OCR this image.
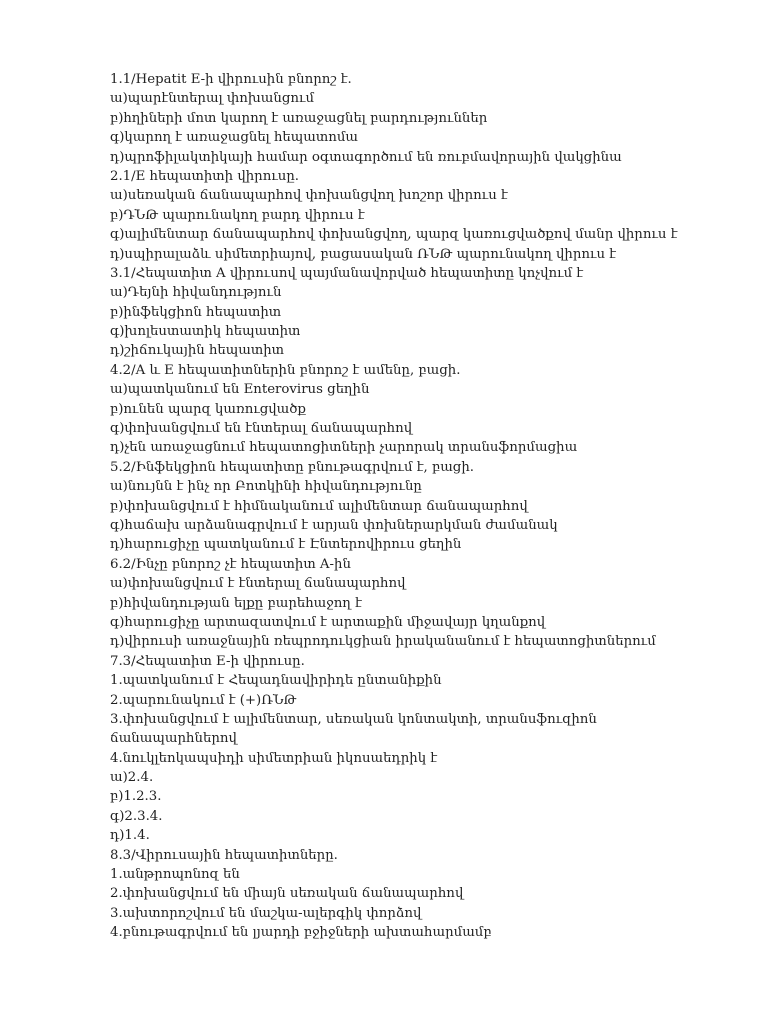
1.1/Hepatit E-ի վիրուսին բնորոշ է.
ա)պարէնտերալ փոխանցում
բ)հղիների մոտ կարող է առաջացնել բարդություններ
գ)կարող է առաջացնել հեպատոմա
դ)պրոֆիլակտիկայի համար օգտագործում են ռուբմավորային վակցինա
2.1/E հեպատիտի վիրուսը.
ա)սեռական ճանապարհով փոխանցվող խոշոր վիրուս է
բ)ԴՆԹ պարունակող բարդ վիրուս է
գ)ալիմենտար ճանապարհով փոխանցվող, պարզ կառուցվածքով մանր վիրուս է
դ)սպիրալաձև սիմետրիայով, բացասական ՌՆԹ պարունակող վիրուս է
3.1/Հեպատիտ A վիրուսով պայմանավորված հեպատիտը կոչվում է
ա)Դեյնի հիվանդություն
բ)ինֆեկցիոն հեպատիտ
գ)խոլեստատիկ հեպատիտ
դ)շիճուկային հեպատիտ
4.2/A և E հեպատիտներին բնորոշ է ամենը, բացի.
ա)պատկանում են Enterovirus ցեղին
բ)ունեն պարզ կառուցվածք
գ)փոխանցվում են էնտերալ ճանապարհով
դ)չեն առաջացնում հեպատոցիտների չարորակ տրանսֆորմացիա
5.2/Ինֆեկցիոն հեպատիտը բնութագրվում է, բացի.
ա)նույնն է ինչ որ Բոտկինի հիվանդությունը
բ)փոխանցվում է հիմնականում ալիմենտար ճանապարհով
գ)հաճախ արձանագրվում է արյան փոխներարկման ժամանակ
դ)հարուցիչը պատկանում է Էնտերովիրուս ցեղին
6.2/Ինչը բնորոշ չէ հեպատիտ A-ին
ա)փոխանցվում է էնտերալ ճանապարհով
բ)հիվանդության ելքը բարեհաջող է
գ)հարուցիչը արտազատվում է արտաքին միջավայր կղանքով
դ)վիրուսի առաջնային ռեպրոդուկցիան իրականանում է հեպատոցիտներում
7.3/Հեպատիտ E-ի վիրուսը.
1.պատկանում է Հեպադնավիրիդե ընտանիքին
2.պարունակում է (+)ՌՆԹ
3.փոխանցվում է ալիմենտար, սեռական կոնտակտի, տրանսֆուզիոն
ճանապարհներով
4.նուկլեոկապսիդի սիմետրիան իկոսաեդրիկ է
ա)2.4.
բ)1.2.3.
գ)2.3.4.
դ)1.4.
8.3/Վիրուսային հեպատիտները.
1.անթրոպոնոզ են
2.փոխանցվում են միայն սեռական ճանապարհով
3.ախտորոշվում են մաշկա-ալերգիկ փորձով
4.բնութագրվում են լյարդի բջիջների ախտահարմամբ
